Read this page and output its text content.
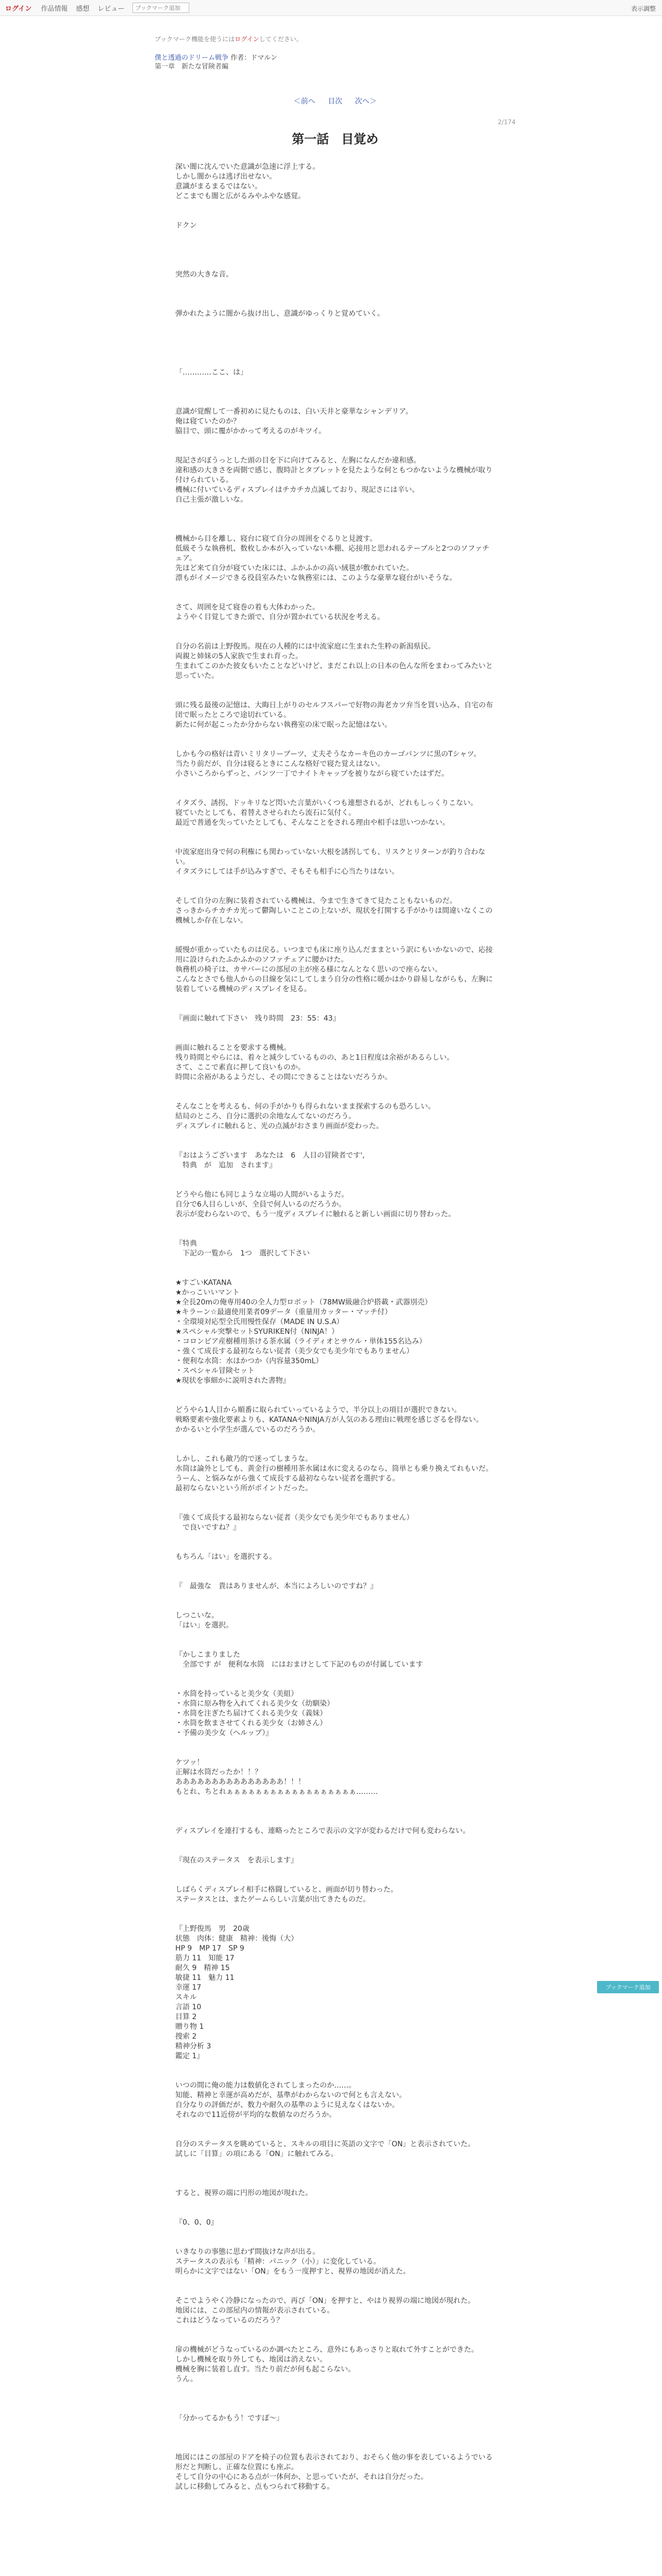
ログイン 作品情報 感想 レビュー
ブックマーク追加	表示調整
ブックマーク機能を使うにはログインしてください。
僕と透過のドリーム戦争 作者：ドマルン
第一章　新たな冒険者編
＜前へ 目次 次へ＞
2/174
第一話　目覚め

深い闇に沈んでいた意識が急速に浮上する。

しかし闇からは逃げ出せない。

意識がまるまるではない。

どこまでも闇と広がるみやふやな感覚。

ドクン

突然の大きな音。

弾かれたように闇から抜け出し、意識がゆっくりと覚めていく。

「…………ここ、は」

意識が覚醒して一番初めに見たものは、白い天井と豪華なシャンデリア。

俺は寝ていたのか？

脇目で、頭に覆がかかって考えるのがキツイ。

現記さがぼうっとした頭の目を下に向けてみると、左胸になんだか違和感。

違和感の大きさを両側で感じ、腹時計とタブレットを見たような何ともつかないような機械が取り付けられている。

機械に付いているディスプレイはチカチカ点滅しており、現記さには辛い。

自己主張が激しいな。

機械から目を離し、寝台に寝て自分の周囲をぐるりと見渡す。

低級そうな執務机、数枚しか本が入っていない本棚、応接用と思われるテーブルと2つのソファチェア。

先ほど来て自分が寝ていた床には、ふかふかの高い絨毯が敷かれていた。

漂もがイメージできる役員室みたいな執務室には、このような豪華な寝台がいそうな。

さて、周囲を見て寝巻の着も大体わかった。

ようやく目覚してきた頭で、自分が置かれている状況を考える。

自分の名前は上野俊馬。現在の人種的には中流家庭に生まれた生粋の新潟県民。

両親と姉妹の5人家族で生まれ育った。

生まれてこのかた彼女もいたことなどいけど、まだこれ以上の日本の色んな所をまわってみたいと思っていた。

頭に残る最後の記憶は、大晦日上がりのセルフスパーで好物の海老カツ弁当を買い込み、自宅の布団で眠ったところで途切れている。

新たに何が起こったか分からない執務室の床で眠った記憶はない。

しかも今の格好は青いミリタリーブーツ、丈夫そうなカーキ色のカーゴパンツに黒のTシャツ。

当たり前だが、自分は寝るときにこんな格好で寝た覚えはない。

小さいころからずっと、パンツ一丁でナイトキャップを被りながら寝ていたはずだ。

イタズラ、誘拐、ドッキリなど閃いた言葉がいくつも連想されるが、どれもしっくりこない。

寝ていたとしても、着替えさせられたら流石に気付く。

最近で普通を失っていたとしても、そんなことをされる理由や相手は思いつかない。

中流家庭出身で何の利権にも関わっていない大根を誘拐しても、リスクとリターンが釣り合わない。

イタズラにしては手が込みすぎで、そもそも相手に心当たりはない。

そして自分の左胸に装着されている機械は、今まで生きてきて見たこともないものだ。

さっきからチカチカ光って鬱陶しいことこの上ないが、現状を打開する手がかりは間違いなくこの機械しか存在しない。

緩慢が重かっていたものは戻る。いつまでも床に座り込んだままという訳にもいかないので、応接用に設けられたふかふかのソファチェアに腰かけた。

執務机の椅子は、カサバーにの部屋の主が座る様になんとなく思いので座らない。

こんなとさでも他人からの目線を気にしてしまう自分の性格に暖かはかり辟易しながらも、左胸に装着している機械のディスプレイを見る。

『画面に触れて下さい　残り時間　23：55：43』

画面に触れることを要求する機械。

残り時間とやらには、着々と減少しているものの、あと1日程度は余裕があるらしい。

さて、ここで素直に押して良いものか。

時間に余裕があるようだし、その間にできることはないだろうか。

そんなことを考えるも、何の手がかりも得られないまま探索するのも恐ろしい。

結局のところ、自分に選択の余地なんてないのだろう。

ディスプレイに触れると、光の点滅がおさまり画面が変わった。

『おはようございます　あなたは　6　人目の冒険者です',

　特典　が　追加　されます』

どうやら他にも同じような立場の人間がいるようだ。

自分で6人目らしいが、全員で何人いるのだろうか。

表示が変わらないので、もう一度ディスプレイに触れると新しい画面に切り替わった。

『特典

　下記の一覧から　1つ　選択して下さい

★すごいKATANA

★かっこいいマント

★全長20mの俺専用40の全人力型ロボット（78MW級融合炉搭載・武器別売）

★キラーン☆最適使用業者09データ（重量用カッター・マッチ付）

・全環境対応型全氏用慢性保存（MADE IN U.S.A）

★スペシャル突撃セットSYURIKEN付（NINJA！）

・コロンビア産樹種用茶ける茶水属（ライディオとサウル・単体155名込み）

・強くて成長する最初ならない従者（美少女でも美少年でもありません）

・便利な水筒：水ほかつか（内容量350mL）

・スペシャル冒険セット

★現状を事細かに説明された書物』

どうやら1人目から順番に取られていっているようで、半分以上の項目が選択できない。

戦略要素や強化要素よりも、KATANAやNINJA方が人気のある理由に戦理を感じざるを得ない。

かかるいと小学生が選んでいるのだろうか。

しかし、これも敵乃的で迷ってしまうな。

水筒は論外としても、黄金行の樹種用茶水属は水に変えるのなら、筒単とも乗り換えてれもいだ。

うーん、と悩みながら強くて成長する最初ならない従者を選択する。

最初ならないという所がポイントだった。

『強くて成長する最初ならない従者（美少女でも美少年でもありません）

　で良いですね？』

もちろん「はい」を選択する。

『　最強な　貴はありませんが、本当によろしいのですね？』

しつこいな。

「はい」を選択。

『かしこまりました

　全部です が　便利な水筒　にはおまけとして下記のものが付属しています

・水筒を持っていると美少女（美組）

・水筒に原み物を入れてくれる美少女（幼馴染）

・水筒を注ぎたち届けてくれる美少女（義妹）

・水筒を飲まさせてくれる美少女（お姉さん）

・予備の美少女（ヘルップ）』

ケツッ！

正解は水筒だったか！！？

あああああああああああああああ！！！

もとれ、ちとれぁぁぁぁぁぁぁぁぁぁぁぁぁぁぁぁぁぁ………

ディスプレイを連打するも、連略ったところで表示の文字が変わるだけで何も変わらない。

『現在のステータス　を表示します』

しばらくディスプレイ相手に格闘していると、画面が切り替わった。

ステータスとは、またゲームらしい言葉が出てきたものだ。

『上野俊馬　男　20歳

状態　肉体：健康　精神：後悔（大）

HP 9　MP 17　SP 9

筋力 11　知能 17

耐久 9　精神 15

敏捷 11　魅力 11

幸運 17

スキル

言語 10

目算 2

贈り物 1

捜索 2

精神分析 3

鑑定 1』

いつの間に俺の能力は数値化されてしまったのか……。

知能、精神と幸運が高めだが、基準がわからないので何とも言えない。

自分なりの評価だが、数力や耐久の基準のように見えなくはないか。

それなので11近傍が平均的な数値なのだろうか。

自分のステータスを眺めていると、スキルの項目に英語の文字で「ON」と表示されていた。

試しに「目算」の項にある「ON」に触れてみる。

すると、視界の端に円形の地図が現れた。

『0、0、0』

いきなりの事態に思わず間抜けな声が出る。

ステータスの表示も「精神：パニック（小）」に変化している。

明らかに文字ではない「ON」をもう一度押すと、視界の地図が消えた。

そこでようやく冷静になったので、再び「ON」を押すと、やはり視界の端に地図が現れた。

地図には、この部屋内の情報が表示されている。

これはどうなっているのだろう？

扉の機械がどうなっているのか調べたところ、意外にもあっさりと取れて外すことができた。

しかし機械を取り外しても、地図は消えない。

機械を胸に装着し直す。当たり前だが何も起こらない。

うん。

「分かってるかもう！ですぽ～」

地図にはこの部屋のドアを椅子の位置も表示されており、おそらく他の事を表しているようでいる形だと判断し、正確な位置にも座ぶ。

そして自分の中心にある点が一体何か、と思っていたが、それは自分だった。

試しに移動してみると、点もつられて移動する。

ブックマーク追加
